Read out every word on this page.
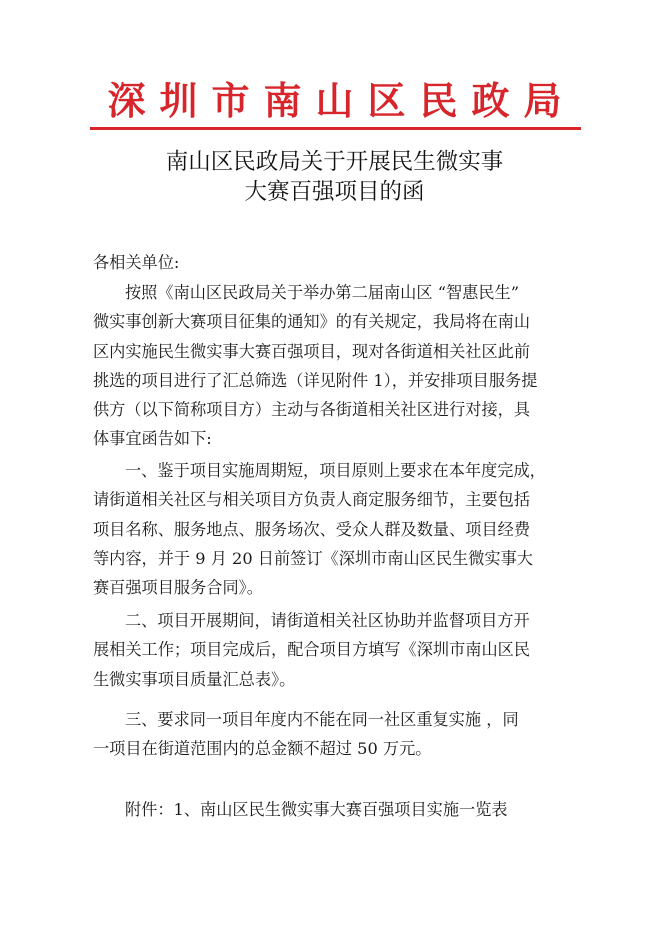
深圳市南山区民政局
南山区民政局关于开展民生微实事
大赛百强项目的函
各相关单位:
按照《南山区民政局关于举办第二届南山区 “智惠民生”
微实事创新大赛项目征集的通知》的有关规定，我局将在南山
区内实施民生微实事大赛百强项目，现对各街道相关社区此前
挑选的项目进行了汇总筛选（详见附件 1），并安排项目服务提
供方（以下简称项目方）主动与各街道相关社区进行对接，具
体事宜函告如下:
一、鉴于项目实施周期短，项目原则上要求在本年度完成，
请街道相关社区与相关项目方负责人商定服务细节，主要包括
项目名称、服务地点、服务场次、受众人群及数量、项目经费
等内容，并于 9 月 20 日前签订《深圳市南山区民生微实事大
赛百强项目服务合同》。
二、项目开展期间，请街道相关社区协助并监督项目方开
展相关工作；项目完成后，配合项目方填写《深圳市南山区民
生微实事项目质量汇总表》。
三、要求同一项目年度内不能在同一社区重复实施 ，同
一项目在街道范围内的总金额不超过 50 万元。
附件：1、南山区民生微实事大赛百强项目实施一览表
